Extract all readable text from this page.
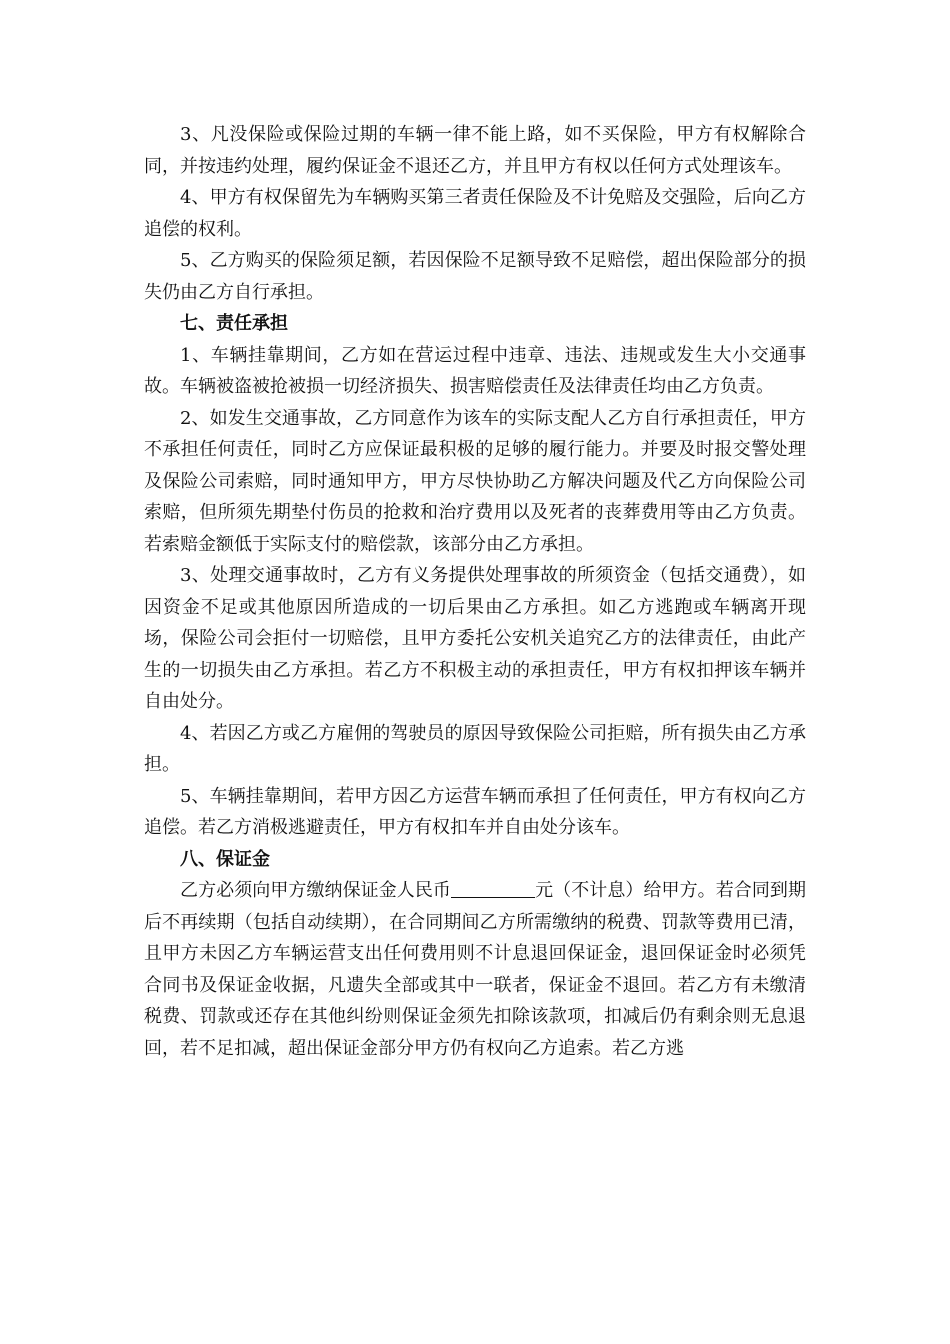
3、凡没保险或保险过期的车辆一律不能上路，如不买保险，甲方有权解除合同，并按违约处理，履约保证金不退还乙方，并且甲方有权以任何方式处理该车。

4、甲方有权保留先为车辆购买第三者责任保险及不计免赔及交强险，后向乙方追偿的权利。

5、乙方购买的保险须足额，若因保险不足额导致不足赔偿，超出保险部分的损失仍由乙方自行承担。

七、责任承担

1、车辆挂靠期间，乙方如在营运过程中违章、违法、违规或发生大小交通事故。车辆被盗被抢被损一切经济损失、损害赔偿责任及法律责任均由乙方负责。

2、如发生交通事故，乙方同意作为该车的实际支配人乙方自行承担责任，甲方不承担任何责任，同时乙方应保证最积极的足够的履行能力。并要及时报交警处理及保险公司索赔，同时通知甲方，甲方尽快协助乙方解决问题及代乙方向保险公司索赔，但所须先期垫付伤员的抢救和治疗费用以及死者的丧葬费用等由乙方负责。若索赔金额低于实际支付的赔偿款，该部分由乙方承担。

3、处理交通事故时，乙方有义务提供处理事故的所须资金（包括交通费），如因资金不足或其他原因所造成的一切后果由乙方承担。如乙方逃跑或车辆离开现场，保险公司会拒付一切赔偿，且甲方委托公安机关追究乙方的法律责任，由此产生的一切损失由乙方承担。若乙方不积极主动的承担责任，甲方有权扣押该车辆并自由处分。

4、若因乙方或乙方雇佣的驾驶员的原因导致保险公司拒赔，所有损失由乙方承担。

5、车辆挂靠期间，若甲方因乙方运营车辆而承担了任何责任，甲方有权向乙方追偿。若乙方消极逃避责任，甲方有权扣车并自由处分该车。

八、保证金

乙方必须向甲方缴纳保证金人民币	元（不计息）给甲方。若合同到期后不再续期（包括自动续期），在合同期间乙方所需缴纳的税费、罚款等费用已清，且甲方未因乙方车辆运营支出任何费用则不计息退回保证金，退回保证金时必须凭合同书及保证金收据，凡遗失全部或其中一联者，保证金不退回。若乙方有未缴清税费、罚款或还存在其他纠纷则保证金须先扣除该款项，扣减后仍有剩余则无息退回，若不足扣减，超出保证金部分甲方仍有权向乙方追索。若乙方逃
